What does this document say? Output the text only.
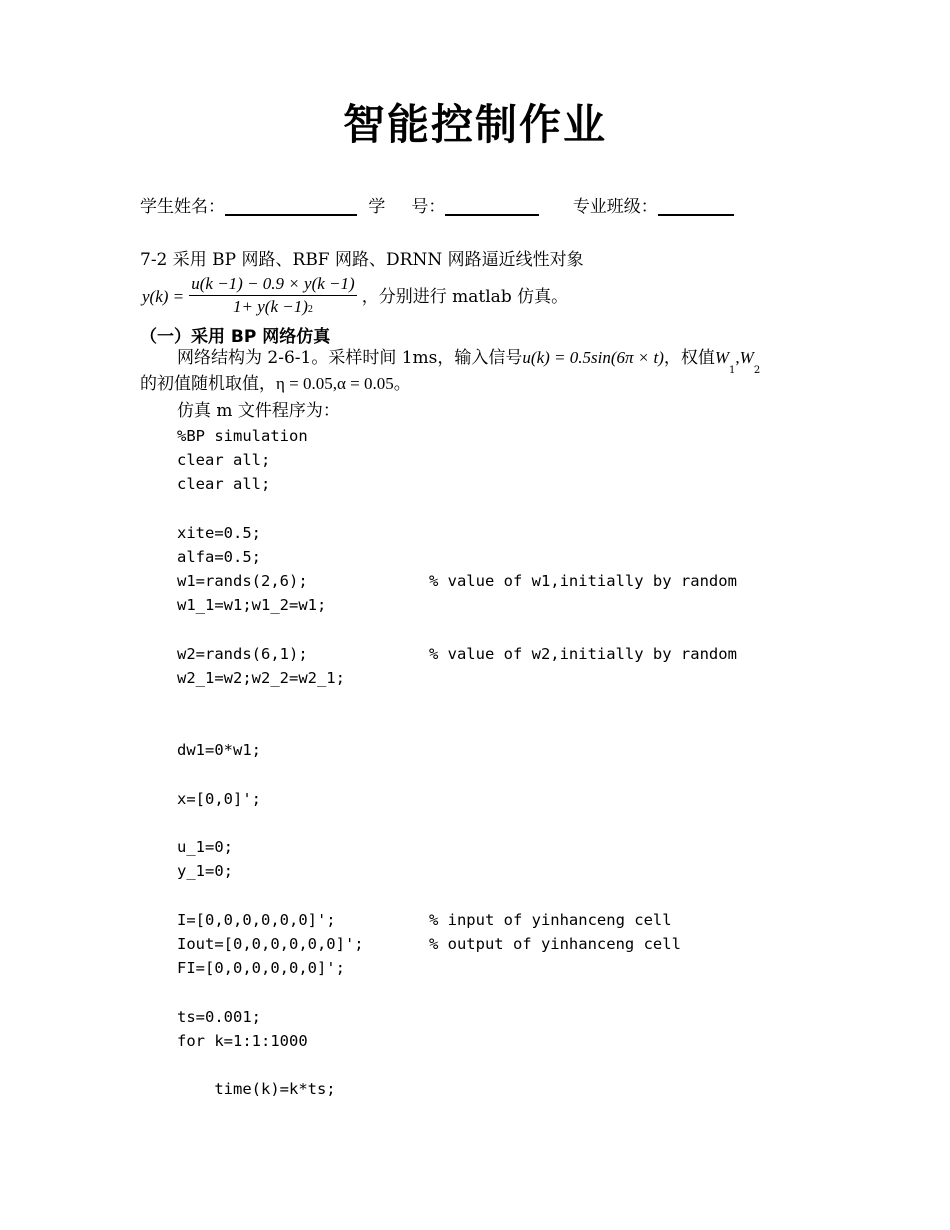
智能控制作业
学生姓名：	学 号：	专业班级：
7-2 采用 BP 网路、RBF 网路、DRNN 网路逼近线性对象
$y(k) = \frac{u(k -1) - 0.9 \times y(k -1)}{1+ y(k -1)2}$ ，分别进行 matlab 仿真。
（一）采用 BP 网络仿真
网络结构为 2-6-1。采样时间 1ms，输入信号u(k) = 0.5sin(6π × t)，权值$W_1,W_2$
的初值随机取值，η = 0.05,α = 0.05。
仿真 m 文件程序为：
%BP simulation
clear all;
clear all;
xite=0.5;
alfa=0.5;
w1=rands(2,6);             % value of w1,initially by random
w1_1=w1;w1_2=w1;
w2=rands(6,1);             % value of w2,initially by random
w2_1=w2;w2_2=w2_1;
dw1=0*w1;
x=[0,0]';
u_1=0;
y_1=0;
I=[0,0,0,0,0,0]';          % input of yinhanceng cell
Iout=[0,0,0,0,0,0]';       % output of yinhanceng cell
FI=[0,0,0,0,0,0]';
ts=0.001;
for k=1:1:1000
time(k)=k*ts;
